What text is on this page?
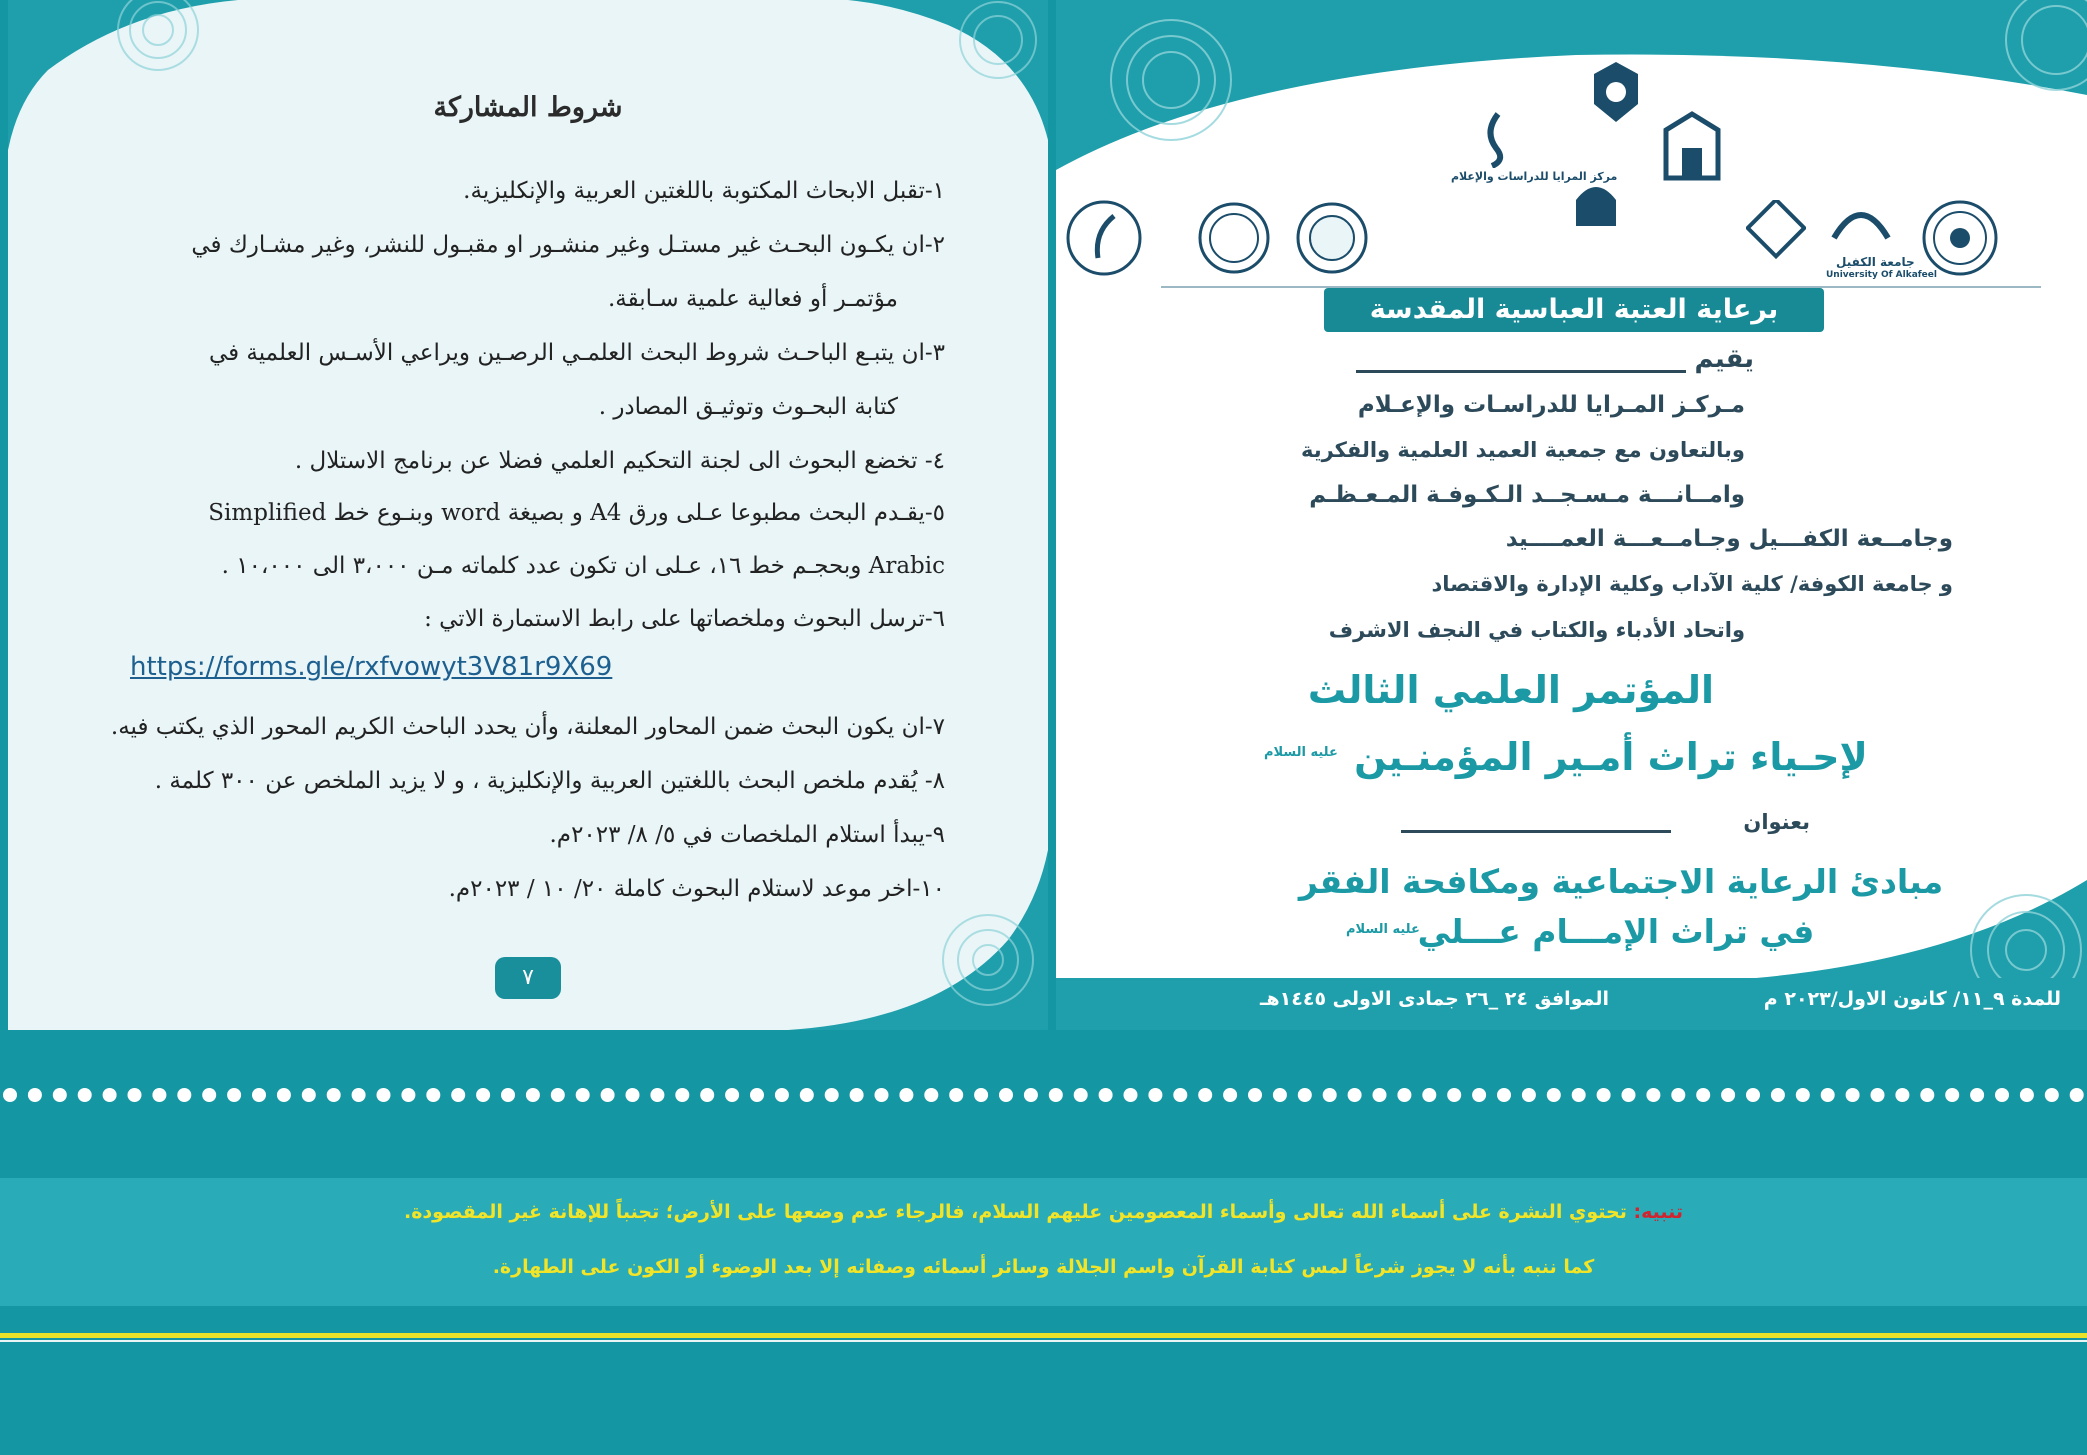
شروط المشاركة
١-تقبل الابحاث المكتوبة باللغتين العربية والإنكليزية.
٢-ان يكـون البحـث غير مستـل وغير منشـور او مقبـول للنشر، وغير مشـارك في
مؤتمـر أو فعالية علمية سـابقة.
٣-ان يتبـع الباحـث شروط البحث العلمـي الرصـين ويراعي الأسـس العلمية في
كتابة البحـوث وتوثيـق المصادر .
٤- تخضع البحوث الى لجنة التحكيم العلمي فضلا عن برنامج الاستلال .
٥-يقـدم البحث مطبوعا عـلى ورق A4 و بصيغة word وبنـوع خط Simplified
Arabic وبحجـم خط ١٦، عـلى ان تكون عدد كلماته مـن ٣،٠٠٠ الى ١٠،٠٠٠ .
٦-ترسل البحوث وملخصاتها على رابط الاستمارة الاتي :
https://forms.gle/rxfvowyt3V81r9X69
٧-ان يكون البحث ضمن المحاور المعلنة، وأن يحدد الباحث الكريم المحور الذي يكتب فيه.
٨- يُقدم ملخص البحث باللغتين العربية والإنكليزية ، و لا يزيد الملخص عن ٣٠٠ كلمة .
٩-يبدأ استلام الملخصات في ٥/ ٨/ ٢٠٢٣م.
١٠-اخر موعد لاستلام البحوث كاملة ٢٠/ ١٠ / ٢٠٢٣م.
٧
مركز المرايا للدراسات والإعلام
جامعة الكفيل
University Of Alkafeel
برعاية العتبة العباسية المقدسة
يقيم
مـركـز المـرايا للدراسـات والإعـلام
وبالتعاون مع جمعية العميد العلمية والفكرية
وامــانـــة مـسـجــد الـكـوفـة المـعـظـم
وجامــعة الكفـــيل وجـامــعـــة العمــــيد
و جامعة الكوفة/ كلية الآداب وكلية الإدارة والاقتصاد
واتحاد الأدباء والكتاب في النجف الاشرف
المؤتمر العلمي الثالث
لإحـياء تراث أمـير المؤمنـين
عليه السلام
بعنوان
مبادئ الرعاية الاجتماعية ومكافحة الفقر
في تراث الإمـــام عـــلي
عليه السلام
للمدة ٩_١١/ كانون الاول/٢٠٢٣ م
الموافق ٢٤ _٢٦ جمادى الاولى ١٤٤٥هـ
تنبيه: تحتوي النشرة على أسماء الله تعالى وأسماء المعصومين عليهم السلام، فالرجاء عدم وضعها على الأرض؛ تجنباً للإهانة غير المقصودة.
كما ننبه بأنه لا يجوز شرعاً لمس كتابة القرآن واسم الجلالة وسائر أسمائه وصفاته إلا بعد الوضوء أو الكون على الطهارة.
